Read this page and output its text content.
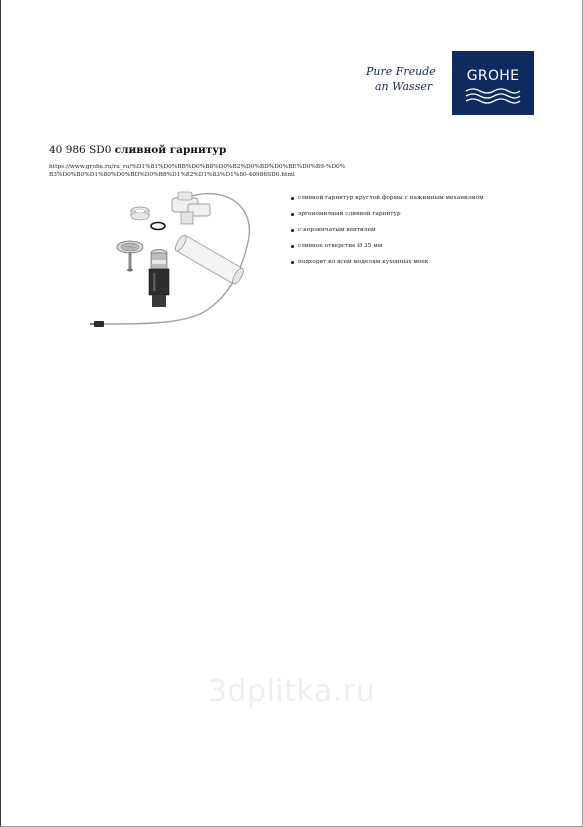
Pure Freude
an Wasser
GROHE
40 986 SD0 сливной гарнитур
https://www.grohe.ru/ru_ru/%D1%81%D0%BB%D0%B8%D0%B2%D0%BD%D0%BE%D0%B9-%D0%B3%D0%B0%D1%80%D0%BD%D0%B8%D1%82%D1%83%D1%80-40986SD0.html
сливной гарнитур круглой формы с нажимным механизмом
эргономичный сливной гарнитур
с корзинчатым вентилем
сливное отверстие Ø 35 мм
подходит ко всем моделям кухонных моек
3dplitka.ru
